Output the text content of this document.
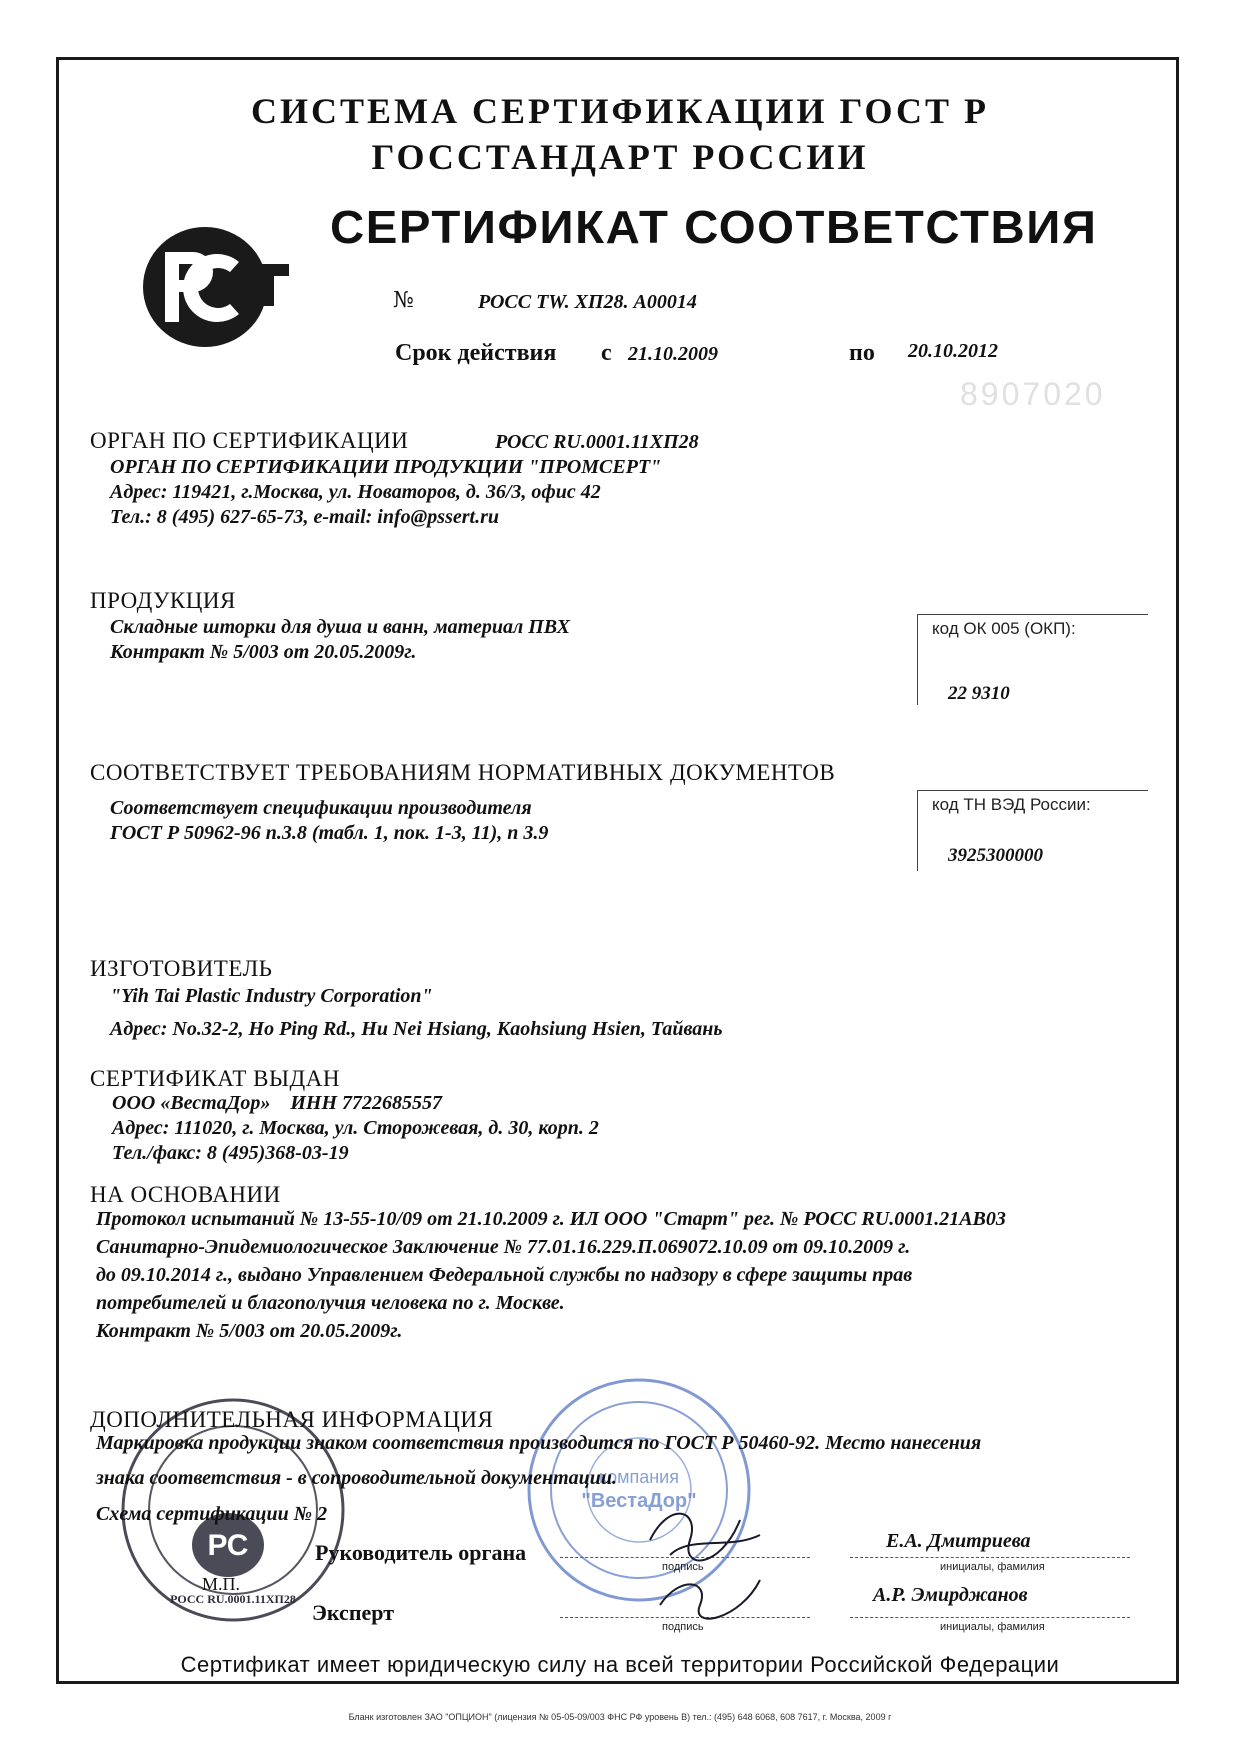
СИСТЕМА СЕРТИФИКАЦИИ ГОСТ Р
ГОССТАНДАРТ РОССИИ
СЕРТИФИКАТ СООТВЕТСТВИЯ
№	РОСС TW. ХП28. А00014
Срок действия с 21.10.2009	по 20.10.2012
8907020
ОРГАН ПО СЕРТИФИКАЦИИ	РОСС RU.0001.11ХП28
ОРГАН ПО СЕРТИФИКАЦИИ ПРОДУКЦИИ "ПРОМСЕРТ"
Адрес: 119421, г.Москва, ул. Новаторов, д. 36/3, офис 42
Тел.: 8 (495) 627-65-73, e-mail: info@pssert.ru
ПРОДУКЦИЯ
Складные шторки для душа и ванн, материал ПВХ
Контракт № 5/003 от 20.05.2009г.
код ОК 005 (ОКП):
22 9310
СООТВЕТСТВУЕТ ТРЕБОВАНИЯМ НОРМАТИВНЫХ ДОКУМЕНТОВ
Соответствует спецификации производителя
ГОСТ Р 50962-96 п.3.8 (табл. 1, пок. 1-3, 11), п 3.9
код ТН ВЭД России:
3925300000
ИЗГОТОВИТЕЛЬ
"Yih Tai Plastic Industry Corporation"
Адрес: No.32-2, Ho Ping Rd., Hu Nei Hsiang, Kaohsiung Hsien, Тайвань
СЕРТИФИКАТ ВЫДАН
ООО «ВестаДор»    ИНН 7722685557
Адрес: 111020, г. Москва, ул. Сторожевая, д. 30, корп. 2
Тел./факс: 8 (495)368-03-19
НА ОСНОВАНИИ
Протокол испытаний № 13-55-10/09 от 21.10.2009 г. ИЛ ООО "Старт" рег. № РОСС RU.0001.21АВ03
Санитарно-Эпидемиологическое Заключение № 77.01.16.229.П.069072.10.09 от 09.10.2009 г.
до 09.10.2014 г., выдано Управлением Федеральной службы по надзору в сфере защиты прав
потребителей и благополучия человека по г. Москве.
Контракт № 5/003 от 20.05.2009г.
компания
"ВестаДор"
РС
РОСС RU.0001.11ХП28
ДОПОЛНИТЕЛЬНАЯ ИНФОРМАЦИЯ
Маркировка продукции знаком соответствия производится по ГОСТ Р 50460-92. Место нанесения
знака соответствия - в сопроводительной документации.
Схема сертификации № 2
Руководитель органа
Эксперт
М.П.
подпись
подпись
Е.А. Дмитриева
инициалы, фамилия
А.Р. Эмирджанов
инициалы, фамилия
Сертификат имеет юридическую силу на всей территории Российской Федерации
Бланк изготовлен ЗАО "ОПЦИОН" (лицензия № 05-05-09/003 ФНС РФ уровень В) тел.: (495) 648 6068, 608 7617, г. Москва, 2009 г
